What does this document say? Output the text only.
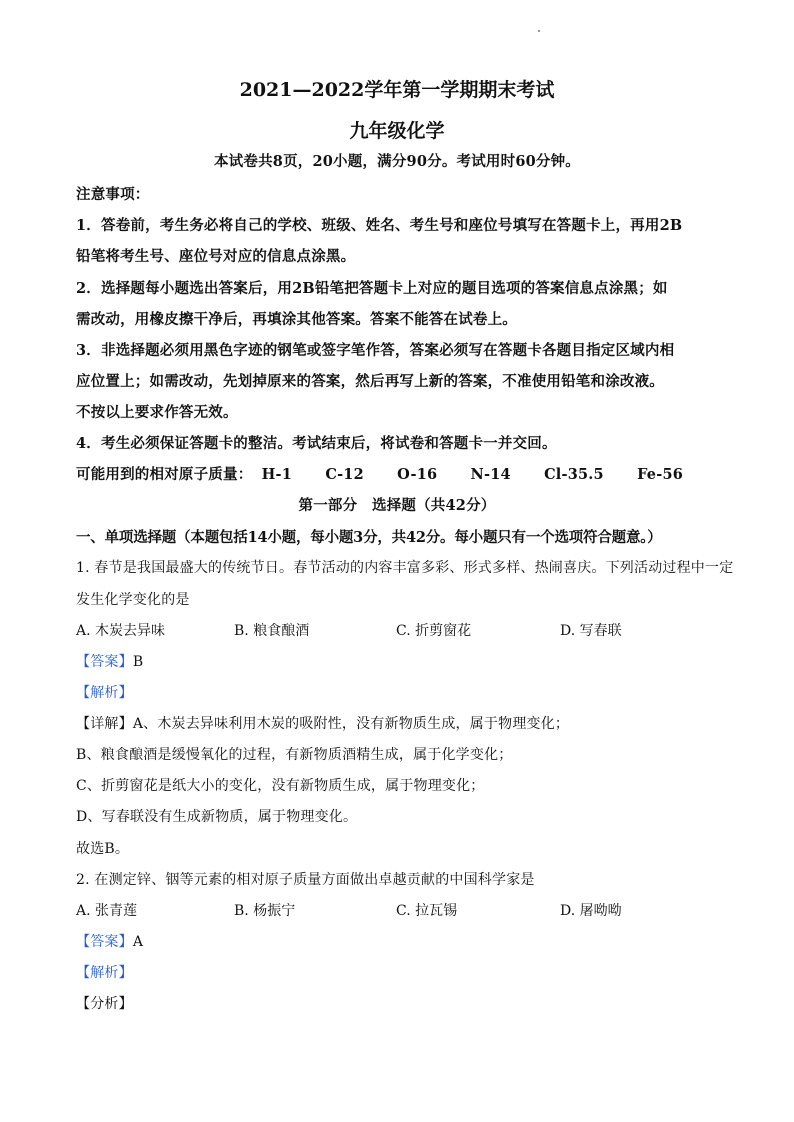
2021—2022学年第一学期期末考试
九年级化学
本试卷共8页，20小题，满分90分。考试用时60分钟。
注意事项：
1．答卷前，考生务必将自己的学校、班级、姓名、考生号和座位号填写在答题卡上，再用2B
铅笔将考生号、座位号对应的信息点涂黑。
2．选择题每小题选出答案后，用2B铅笔把答题卡上对应的题目选项的答案信息点涂黑；如
需改动，用橡皮擦干净后，再填涂其他答案。答案不能答在试卷上。
3．非选择题必须用黑色字迹的钢笔或签字笔作答，答案必须写在答题卡各题目指定区域内相
应位置上；如需改动，先划掉原来的答案，然后再写上新的答案，不准使用铅笔和涂改液。
不按以上要求作答无效。
4．考生必须保证答题卡的整洁。考试结束后，将试卷和答题卡一并交回。
可能用到的相对原子质量： H-1 C-12 O-16 N-14 Cl-35.5 Fe-56
第一部分　选择题（共42分）
一、单项选择题（本题包括14小题，每小题3分，共42分。每小题只有一个选项符合题意。）
1. 春节是我国最盛大的传统节日。春节活动的内容丰富多彩、形式多样、热闹喜庆。下列活动过程中一定
发生化学变化的是
A. 木炭去异味	B. 粮食酿酒	C. 折剪窗花	D. 写春联
【答案】B
【解析】
【详解】A、木炭去异味利用木炭的吸附性，没有新物质生成，属于物理变化；
B、粮食酿酒是缓慢氧化的过程，有新物质酒精生成，属于化学变化；
C、折剪窗花是纸大小的变化，没有新物质生成，属于物理变化；
D、写春联没有生成新物质，属于物理变化。
故选B。
2. 在测定锌、铟等元素的相对原子质量方面做出卓越贡献的中国科学家是
A. 张青莲	B. 杨振宁	C. 拉瓦锡	D. 屠呦呦
【答案】A
【解析】
【分析】
